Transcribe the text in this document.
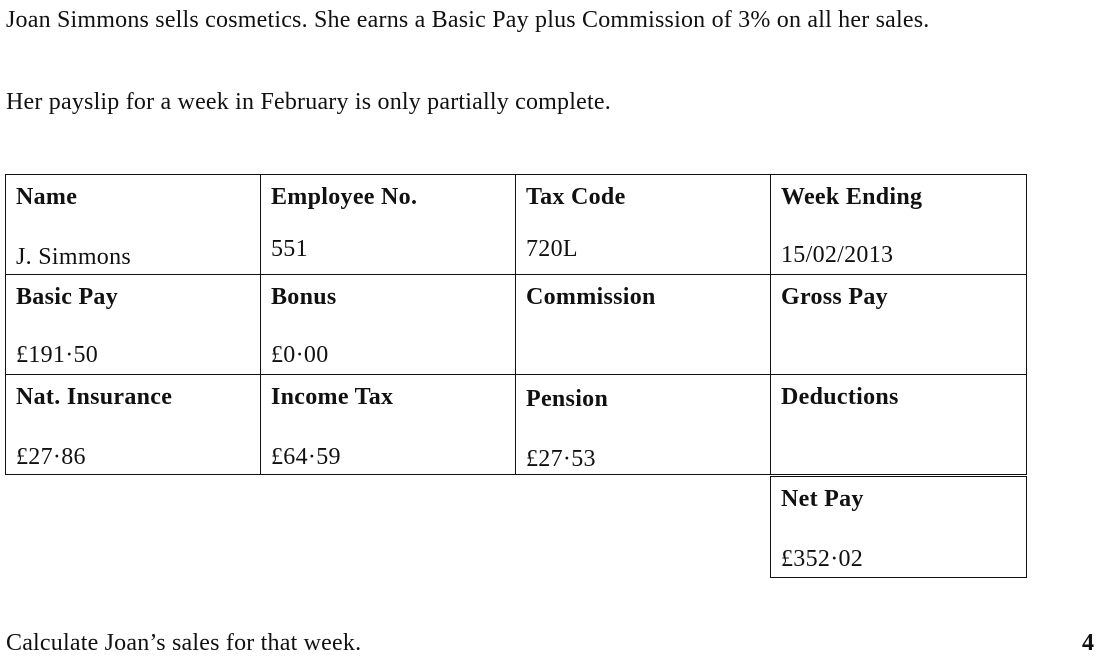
Joan Simmons sells cosmetics. She earns a Basic Pay plus Commission of 3% on all her sales.

Her payslip for a week in February is only partially complete.

Name
J. Simmons
Employee No.
551
Tax Code
720L
Week Ending
15/02/2013
Basic Pay
£191·50
Bonus
£0·00
Commission	Gross Pay
Nat. Insurance
£27·86
Income Tax
£64·59
Pension
£27·53
Deductions
Net Pay
£352·02

Calculate Joan’s sales for that week.	4
